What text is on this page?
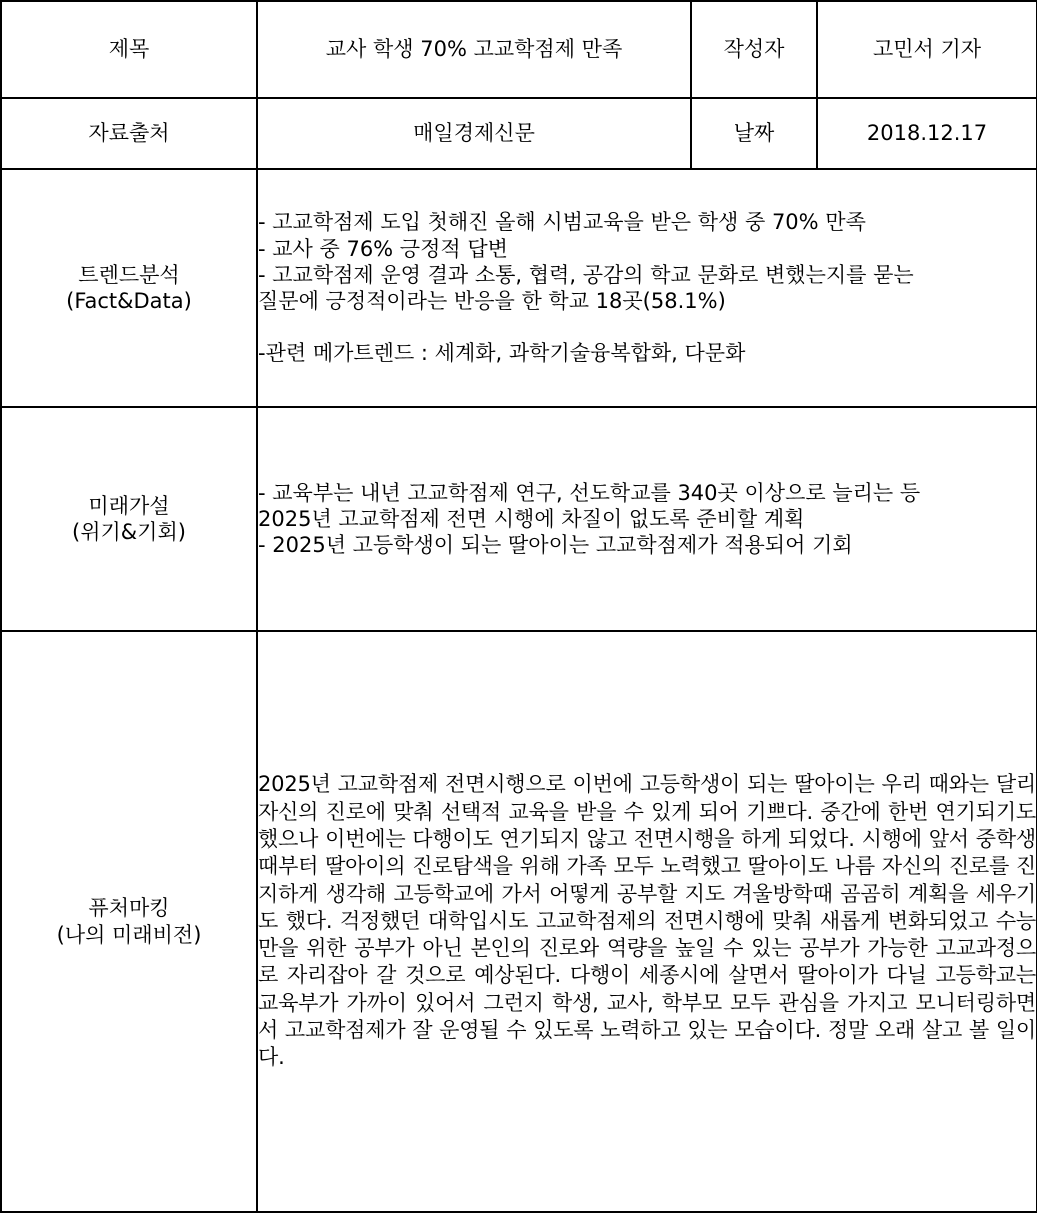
제목	교사 학생 70% 고교학점제 만족	작성자	고민서 기자
자료출처	매일경제신문	날짜	2018.12.17

트렌드분석
(Fact&Data)	- 고교학점제 도입 첫해진 올해 시범교육을 받은 학생 중 70% 만족
- 교사 중 76% 긍정적 답변
- 고교학점제 운영 결과 소통, 협력, 공감의 학교 문화로 변했는지를 묻는
질문에 긍정적이라는 반응을 한 학교 18곳(58.1%)
-관련 메가트렌드 : 세계화, 과학기술융복합화, 다문화		

미래가설
(위기&기회)	- 교육부는 내년 고교학점제 연구, 선도학교를 340곳 이상으로 늘리는 등
2025년 고교학점제 전면 시행에 차질이 없도록 준비할 계획
- 2025년 고등학생이 되는 딸아이는 고교학점제가 적용되어 기회		

퓨처마킹
(나의 미래비전)	2025년 고교학점제 전면시행으로 이번에 고등학생이 되는 딸아이는 우리 때와는 달리 자신의 진로에 맞춰 선택적 교육을 받을 수 있게 되어 기쁘다. 중간에 한번 연기되기도 했으나 이번에는 다행이도 연기되지 않고 전면시행을 하게 되었다. 시행에 앞서 중학생때부터 딸아이의 진로탐색을 위해 가족 모두 노력했고 딸아이도 나름 자신의 진로를 진지하게 생각해 고등학교에 가서 어떻게 공부할 지도 겨울방학때 곰곰히 계획을 세우기도 했다. 걱정했던 대학입시도 고교학점제의 전면시행에 맞춰 새롭게 변화되었고 수능만을 위한 공부가 아닌 본인의 진로와 역량을 높일 수 있는 공부가 가능한 고교과정으로 자리잡아 갈 것으로 예상된다. 다행이 세종시에 살면서 딸아이가 다닐 고등학교는 교육부가 가까이 있어서 그런지 학생, 교사, 학부모 모두 관심을 가지고 모니터링하면서 고교학점제가 잘 운영될 수 있도록 노력하고 있는 모습이다. 정말 오래 살고 볼 일이다.		
